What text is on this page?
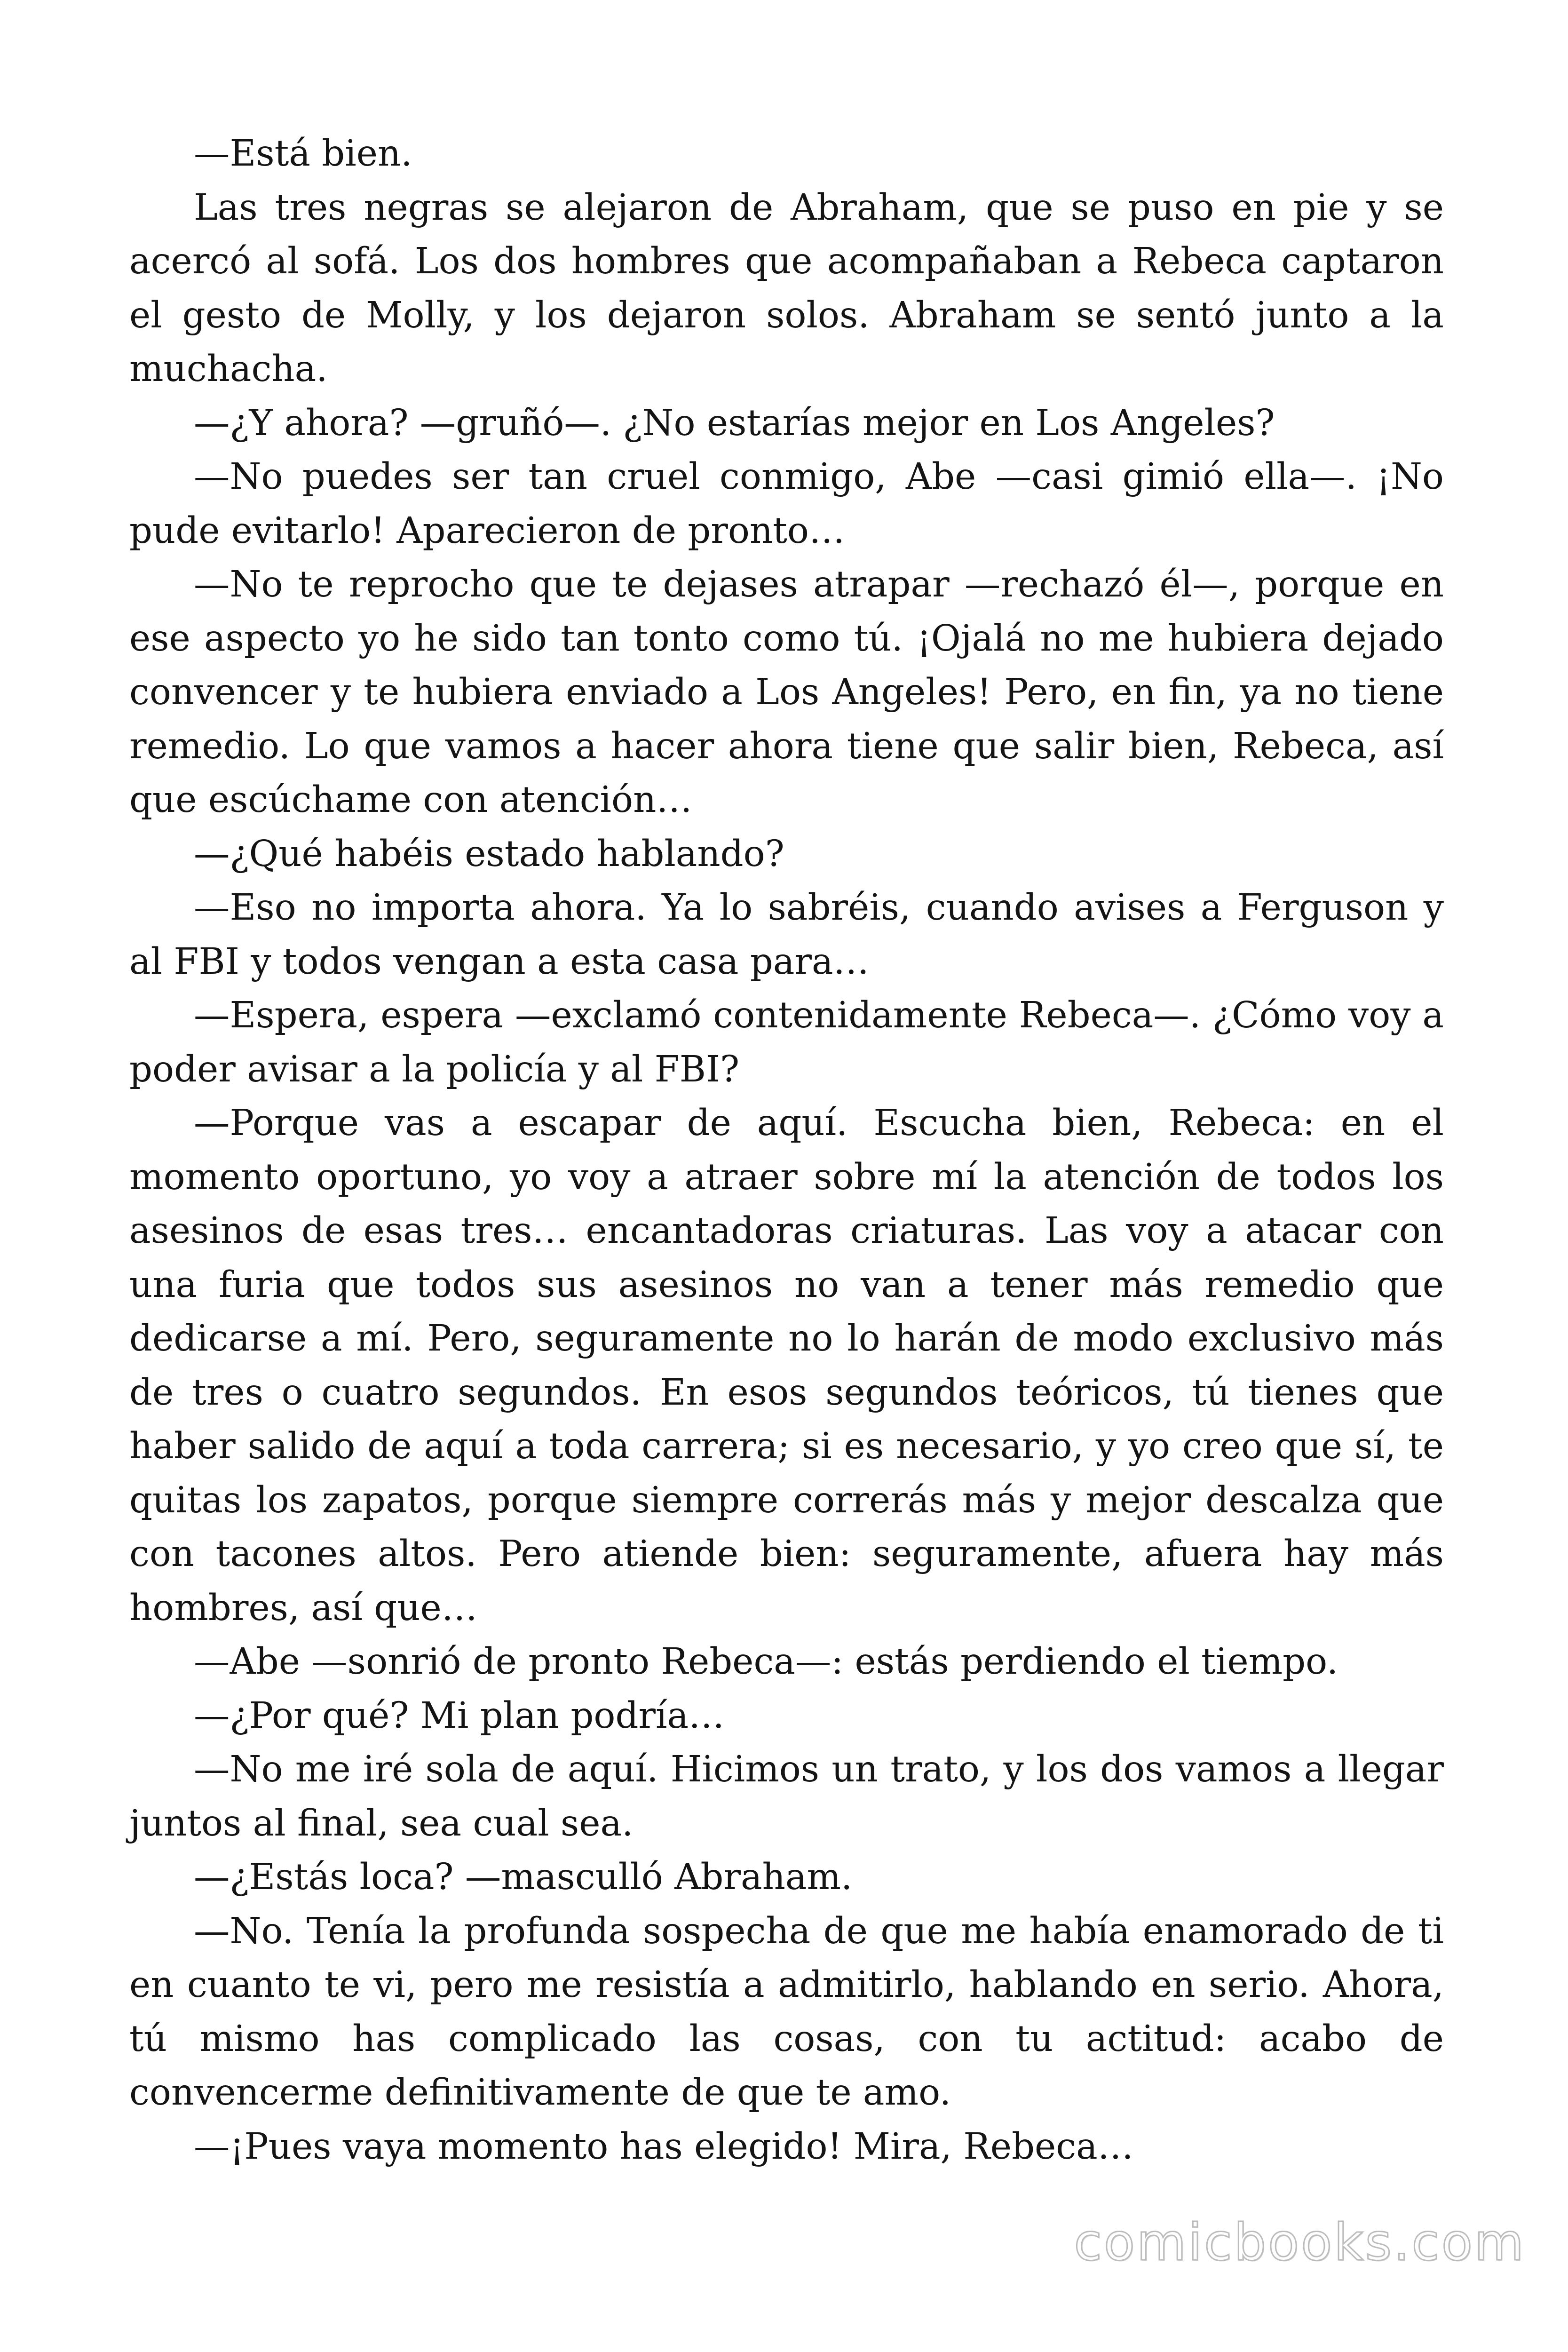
—Está bien.

Las tres negras se alejaron de Abraham, que se puso en pie y se acercó al sofá. Los dos hombres que acompañaban a Rebeca captaron el gesto de Molly, y los dejaron solos. Abraham se sentó junto a la muchacha.

—¿Y ahora? —gruñó—. ¿No estarías mejor en Los Angeles?

—No puedes ser tan cruel conmigo, Abe —casi gimió ella—. ¡No pude evitarlo! Aparecieron de pronto…

—No te reprocho que te dejases atrapar —rechazó él—, porque en ese aspecto yo he sido tan tonto como tú. ¡Ojalá no me hubiera dejado convencer y te hubiera enviado a Los Angeles! Pero, en fin, ya no tiene remedio. Lo que vamos a hacer ahora tiene que salir bien, Rebeca, así que escúchame con atención…

—¿Qué habéis estado hablando?

—Eso no importa ahora. Ya lo sabréis, cuando avises a Ferguson y al FBI y todos vengan a esta casa para…

—Espera, espera —exclamó contenidamente Rebeca—. ¿Cómo voy a poder avisar a la policía y al FBI?

—Porque vas a escapar de aquí. Escucha bien, Rebeca: en el momento oportuno, yo voy a atraer sobre mí la atención de todos los asesinos de esas tres… encantadoras criaturas. Las voy a atacar con una furia que todos sus asesinos no van a tener más remedio que dedicarse a mí. Pero, seguramente no lo harán de modo exclusivo más de tres o cuatro segundos. En esos segundos teóricos, tú tienes que haber salido de aquí a toda carrera; si es necesario, y yo creo que sí, te quitas los zapatos, porque siempre correrás más y mejor descalza que con tacones altos. Pero atiende bien: seguramente, afuera hay más hombres, así que…

—Abe —sonrió de pronto Rebeca—: estás perdiendo el tiempo.

—¿Por qué? Mi plan podría…

—No me iré sola de aquí. Hicimos un trato, y los dos vamos a llegar juntos al final, sea cual sea.

—¿Estás loca? —masculló Abraham.

—No. Tenía la profunda sospecha de que me había enamorado de ti en cuanto te vi, pero me resistía a admitirlo, hablando en serio. Ahora, tú mismo has complicado las cosas, con tu actitud: acabo de convencerme definitivamente de que te amo.

—¡Pues vaya momento has elegido! Mira, Rebeca…

comicbooks.com
